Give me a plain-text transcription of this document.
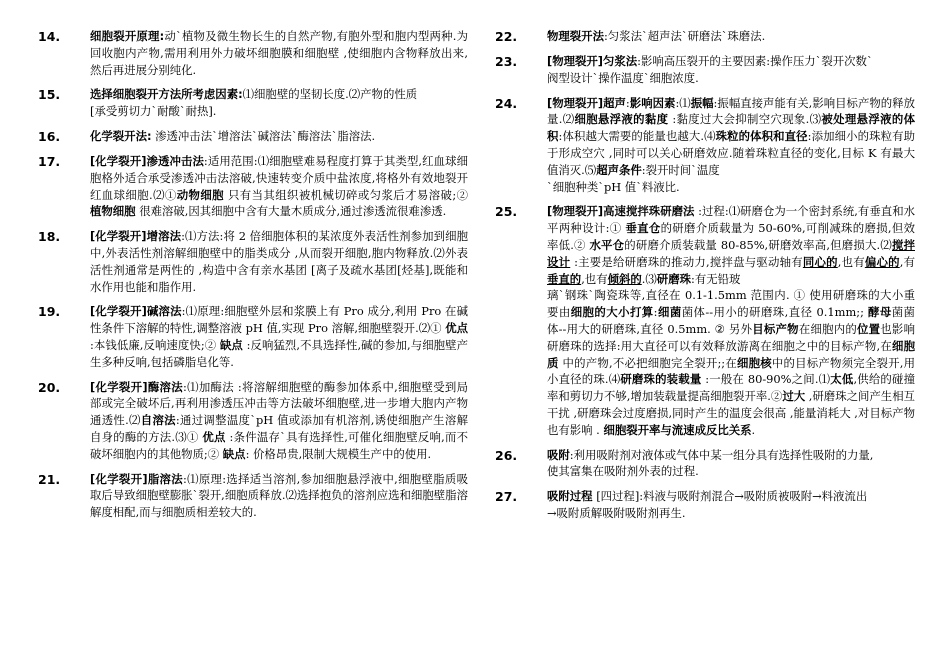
14.	细胞裂开原理:动`植物及微生物长生的自然产物,有胞外型和胞内型两种.为回收胞内产物,需用利用外力破坏细胞膜和细胞壁 ,使细胞内含物释放出来,然后再进展分别纯化.
15.	选择细胞裂开方法所考虑因素:⑴细胞壁的坚韧长度.⑵产物的性质
[承受剪切力`耐酸`耐热].
16.	化学裂开法: 渗透冲击法`增溶法`碱溶法`酶溶法`脂溶法.
17.	[化学裂开]渗透冲击法:适用范围:⑴细胞壁难易程度打算于其类型,红血球细胞格外适合承受渗透冲击法溶破,快速转变介质中盐浓度,将格外有效地裂开红血球细胞.⑵①动物细胞 只有当其组织被机械切碎或匀浆后才易溶破;② 植物细胞 很难溶破,因其细胞中含有大量木质成分,通过渗透流很难渗透.
18.	[化学裂开]增溶法:⑴方法:将 2 倍细胞体积的某浓度外表活性剂参加到细胞中,外表活性剂溶解细胞壁中的脂类成分 ,从而裂开细胞,胞内物释放.⑵外表活性剂通常是两性的 ,构造中含有亲水基团 [离子及疏水基团[烃基],既能和水作用也能和脂作用.
19.	[化学裂开]碱溶法:⑴原理:细胞壁外层和浆膜上有 Pro 成分,利用 Pro 在碱性条件下溶解的特性,调整溶液 pH 值,实现 Pro 溶解,细胞壁裂开.⑵① 优点 :本钱低廉,反响速度快;② 缺点 :反响猛烈,不具选择性,碱的参加,与细胞壁产生多种反响,包括磷脂皂化等.
20.	[化学裂开]酶溶法:⑴加酶法 :将溶解细胞壁的酶参加体系中,细胞壁受到局部或完全破坏后,再利用渗透压冲击等方法破坏细胞壁,进一步增大胞内产物通透性.⑵自溶法:通过调整温度`pH 值或添加有机溶剂,诱使细胞产生溶解自身的酶的方法.⑶① 优点 :条件温存`具有选择性,可催化细胞壁反响,而不破坏细胞内的其他物质;② 缺点: 价格昂贵,限制大规模生产中的使用.
21.	[化学裂开]脂溶法:⑴原理:选择适当溶剂,参加细胞悬浮液中,细胞壁脂质吸取后导致细胞壁膨胀`裂开,细胞质释放.⑵选择抱负的溶剂应选和细胞壁脂溶解度相配,而与细胞质相差较大的.
22.	物理裂开法:匀浆法`超声法`研磨法`珠磨法.
23.	[物理裂开]匀浆法:影响高压裂开的主要因素:操作压力`裂开次数`
阀型设计`操作温度`细胞浓度.
24.	[物理裂开]超声:影响因素:⑴振幅:振幅直接声能有关,影响目标产物的释放量.⑵细胞悬浮液的黏度 :黏度过大会抑制空穴现象.⑶被处理悬浮液的体积:体积越大需要的能量也越大.⑷珠粒的体积和直径:添加细小的珠粒有助于形成空穴 ,同时可以关心研磨效应.随着珠粒直径的变化,目标 K 有最大值消灭.⑸超声条件:裂开时间`温度
`细胞种类`pH 值`料液比.
25.	[物理裂开]高速搅拌珠研磨法 :过程:⑴研磨仓为一个密封系统,有垂直和水平两种设计:① 垂直仓的研磨介质载量为 50-60%,可削减珠的磨损,但效率低.② 水平仓的研磨介质装载量 80-85%,研磨效率高,但磨损大.⑵搅拌设计 :主要是给研磨珠的推动力,搅拌盘与驱动轴有同心的,也有偏心的,有垂直的,也有倾斜的.⑶研磨珠:有无铅玻
璃`钢珠`陶瓷珠等,直径在 0.1-1.5mm 范围内. ① 使用研磨珠的大小重要由细胞的大小打算:细菌菌体--用小的研磨珠,直径 0.1mm;; 酵母菌菌体--用大的研磨珠,直径 0.5mm. ② 另外目标产物在细胞内的位置也影响研磨珠的选择:用大直径可以有效释放游离在细胞之中的目标产物,在细胞质 中的产物,不必把细胞完全裂开;;在细胞核中的目标产物须完全裂开,用小直径的珠.⑷研磨珠的装载量 :一般在 80-90%之间.⑴太低,供给的碰撞率和剪切力不够,增加装载量提高细胞裂开率.②过大 ,研磨珠之间产生相互干扰 ,研磨珠会过度磨损,同时产生的温度会很高 ,能量消耗大 ,对目标产物也有影响 . 细胞裂开率与流速成反比关系.
26.	吸附:利用吸附剂对液体或气体中某一组分具有选择性吸附的力量,
使其富集在吸附剂外表的过程.
27.	吸附过程 [四过程]:料液与吸附剂混合→吸附质被吸附→料液流出
→吸附质解吸附吸附剂再生.
